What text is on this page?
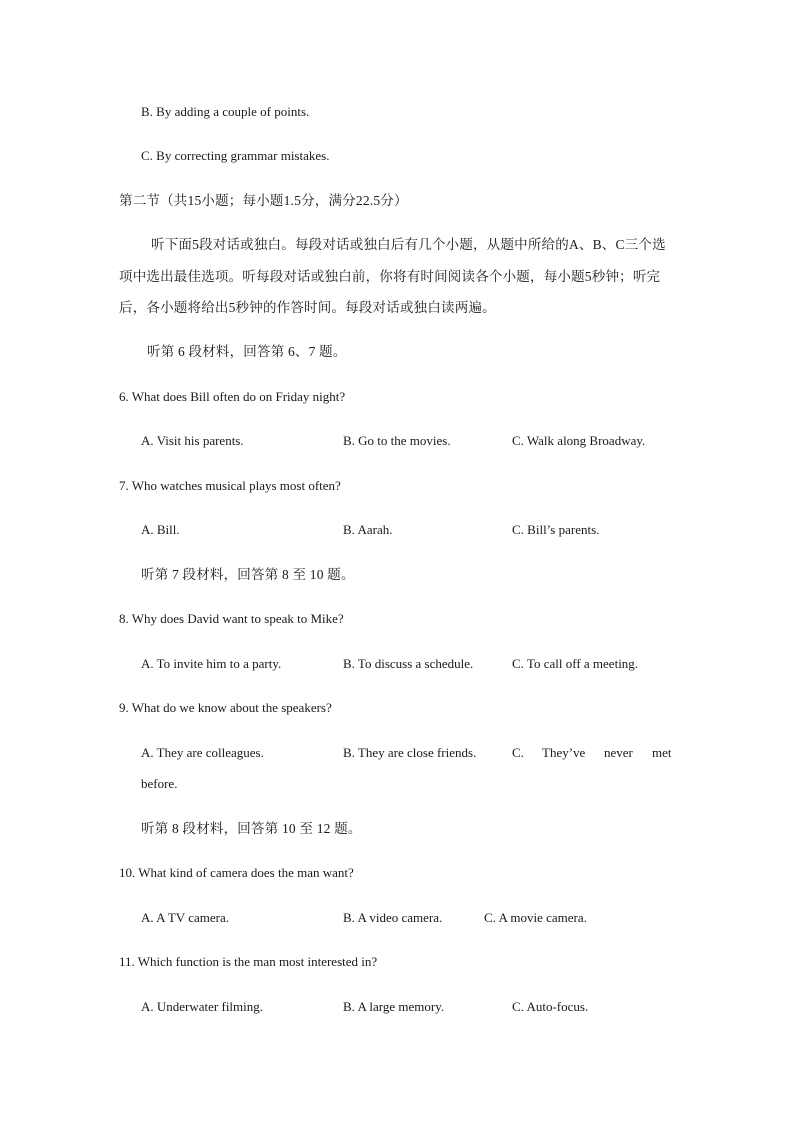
B. By adding a couple of points.
C. By correcting grammar mistakes.
第二节（共15小题；每小题1.5分，满分22.5分）
听下面5段对话或独白。每段对话或独白后有几个小题，从题中所给的A、B、C三个选
项中选出最佳选项。听每段对话或独白前，你将有时间阅读各个小题，每小题5秒钟；听完
后，各小题将给出5秒钟的作答时间。每段对话或独白读两遍。
听第 6 段材料，回答第 6、7 题。
6. What does Bill often do on Friday night?
A. Visit his parents.	B. Go to the movies.	C. Walk along Broadway.
7. Who watches musical plays most often?
A. Bill.	B. Aarah.	C. Bill’s parents.
听第 7 段材料，回答第 8 至 10 题。
8. Why does David want to speak to Mike?
A. To invite him to a party.	B. To discuss a schedule.	C. To call off a meeting.
9. What do we know about the speakers?
A. They are colleagues.	B. They are close friends.	C. They’ve never met
before.
听第 8 段材料，回答第 10 至 12 题。
10. What kind of camera does the man want?
A. A TV camera.	B. A video camera.	C. A movie camera.
11. Which function is the man most interested in?
A. Underwater filming.	B. A large memory.	C. Auto-focus.
